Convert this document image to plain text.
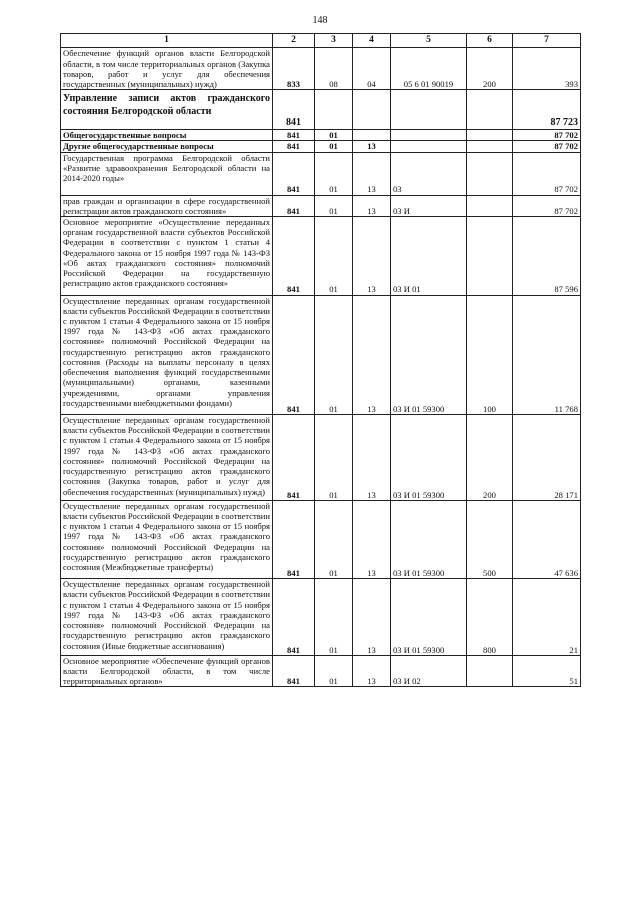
148
1	2	3	4	5	6	7
Обеспечение функций органов власти Белгородской области, в том числе территориальных органов (Закупка товаров, работ и услуг для обеспечения государственных (муниципальных) нужд)	833	08	04	05 6 01 90019	200	393
Управление записи актов гражданского состояния Белгородской области	841					87 723
Общегосударственные вопросы	841	01				87 702
Другие общегосударственные вопросы	841	01	13			87 702
Государственная программа Белгородской области «Развитие здравоохранения Белгородской области на 2014-2020 годы»	841	01	13	03		87 702
прав граждан и организации в сфере государственной регистрации актов гражданского состояния»	841	01	13	03 И		87 702
Основное мероприятие «Осуществление переданных органам государственной власти субъектов Российской Федерации в соответствии с пунктом 1 статьи 4 Федерального закона от 15 ноября 1997 года № 143-ФЗ «Об актах гражданского состояния» полномочий Российской Федерации на государственную регистрацию актов гражданского состояния»	841	01	13	03 И 01		87 596
Осуществление переданных органам государственной власти субъектов Российской Федерации в соответствии с пунктом 1 статьи 4 Федерального закона от 15 ноября 1997 года № 143-ФЗ «Об актах гражданского состояния» полномочий Российской Федерации на государственную регистрацию актов гражданского состояния (Расходы на выплаты персоналу в целях обеспечения выполнения функций государственными (муниципальными) органами, казенными учреждениями, органами управления государственными внебюджетными фондами)	841	01	13	03 И 01 59300	100	11 768
Осуществление переданных органам государственной власти субъектов Российской Федерации в соответствии с пунктом 1 статьи 4 Федерального закона от 15 ноября 1997 года № 143-ФЗ «Об актах гражданского состояния» полномочий Российской Федерации на государственную регистрацию актов гражданского состояния (Закупка товаров, работ и услуг для обеспечения государственных (муниципальных) нужд)	841	01	13	03 И 01 59300	200	28 171
Осуществление переданных органам государственной власти субъектов Российской Федерации в соответствии с пунктом 1 статьи 4 Федерального закона от 15 ноября 1997 года № 143-ФЗ «Об актах гражданского состояния» полномочий Российской Федерации на государственную регистрацию актов гражданского состояния (Межбюджетные трансферты)	841	01	13	03 И 01 59300	500	47 636
Осуществление переданных органам государственной власти субъектов Российской Федерации в соответствии с пунктом 1 статьи 4 Федерального закона от 15 ноября 1997 года № 143-ФЗ «Об актах гражданского состояния» полномочий Российской Федерации на государственную регистрацию актов гражданского состояния (Иные бюджетные ассигнования)	841	01	13	03 И 01 59300	800	21
Основное мероприятие «Обеспечение функций органов власти Белгородской области, в том числе территориальных органов»	841	01	13	03 И 02		51
